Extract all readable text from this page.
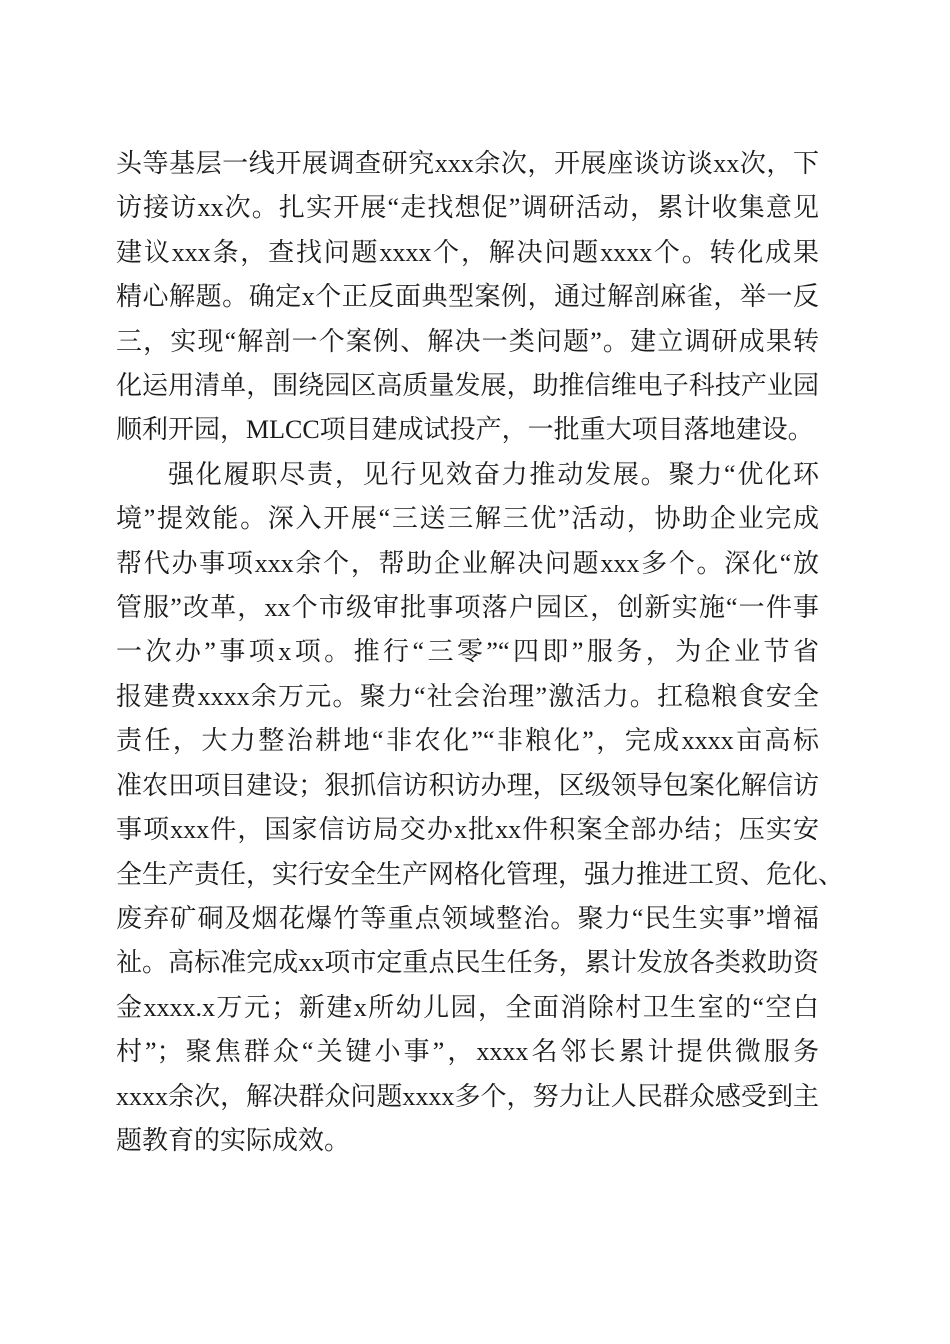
头等基层一线开展调查研究xxx余次，开展座谈访谈xx次，下
访接访xx次。扎实开展“走找想促”调研活动，累计收集意见
建议xxx条，查找问题xxxx个，解决问题xxxx个。转化成果
精心解题。确定x个正反面典型案例，通过解剖麻雀，举一反
三，实现“解剖一个案例、解决一类问题”。建立调研成果转
化运用清单，围绕园区高质量发展，助推信维电子科技产业园
顺利开园，MLCC项目建成试投产，一批重大项目落地建设。
强化履职尽责，见行见效奋力推动发展。聚力“优化环
境”提效能。深入开展“三送三解三优”活动，协助企业完成
帮代办事项xxx余个，帮助企业解决问题xxx多个。深化“放
管服”改革，xx个市级审批事项落户园区，创新实施“一件事
一次办”事项x项。推行“三零”“四即”服务，为企业节省
报建费xxxx余万元。聚力“社会治理”激活力。扛稳粮食安全
责任，大力整治耕地“非农化”“非粮化”，完成xxxx亩高标
准农田项目建设；狠抓信访积访办理，区级领导包案化解信访
事项xxx件，国家信访局交办x批xx件积案全部办结；压实安
全生产责任，实行安全生产网格化管理，强力推进工贸、危化、
废弃矿硐及烟花爆竹等重点领域整治。聚力“民生实事”增福
祉。高标准完成xx项市定重点民生任务，累计发放各类救助资
金xxxx.x万元；新建x所幼儿园，全面消除村卫生室的“空白
村”；聚焦群众“关键小事”，xxxx名邻长累计提供微服务
xxxx余次，解决群众问题xxxx多个，努力让人民群众感受到主
题教育的实际成效。
